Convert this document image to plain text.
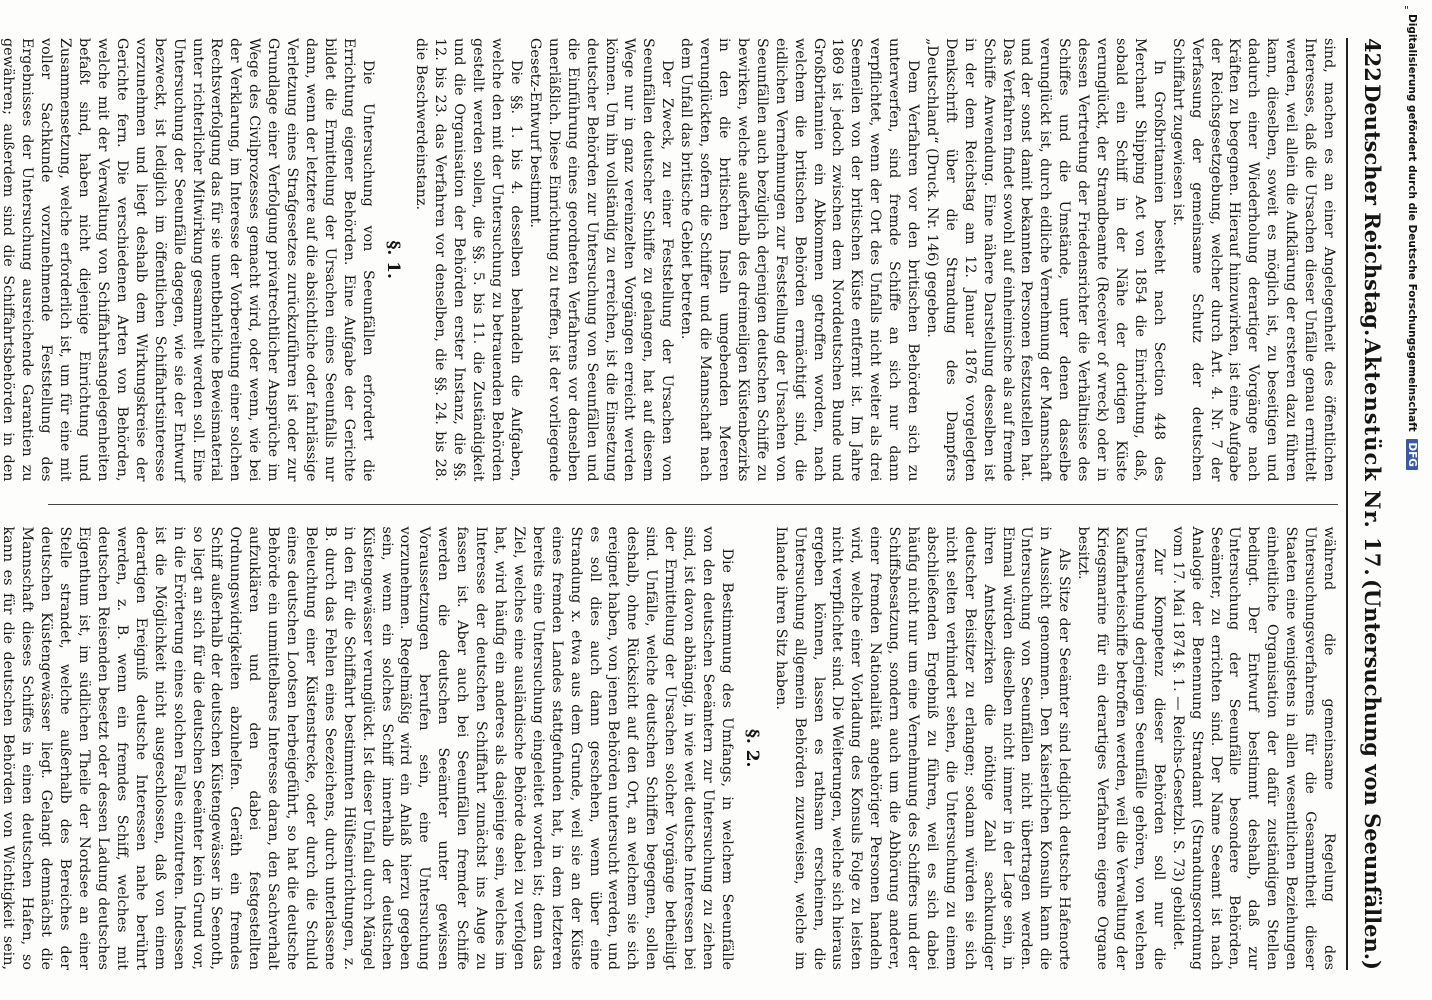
422
Deutscher Reichstag.
Aktenstück Nr. 17.
(Untersuchung von Seeunfällen.)

sind, machen es an einer Angelegenheit des öffentlichen Interesses, daß die Ursachen dieser Unfälle genau ermittelt werden, weil allein die Aufklärung der ersteren dazu führen kann, dieselben, soweit es möglich ist, zu beseitigen und dadurch einer Wiederholung derartiger Vorgänge nach Kräften zu begegnen. Hierauf hinzuwirken, ist eine Aufgabe der Reichsgesetzgebung, welcher durch Art. 4. Nr. 7 der Verfassung der gemeinsame Schutz der deutschen Schiffahrt zugewiesen ist.

In Großbritannien besteht nach Section 448 des Merchant Shipping Act von 1854 die Einrichtung, daß, sobald ein Schiff in der Nähe der dortigen Küste verunglückt, der Strandbeamte (Receiver of wreck) oder in dessen Vertretung der Friedensrichter die Verhältnisse des Schiffes und die Umstände, unter denen dasselbe verunglückt ist, durch eidliche Vernehmung der Mannschaft und der sonst damit bekannten Personen festzustellen hat. Das Verfahren findet sowohl auf einheimische als auf fremde Schiffe Anwendung. Eine nähere Darstellung desselben ist in der dem Reichstag am 12. Januar 1876 vorgelegten Denkschrift über die Strandung des Dampfers „Deutschland“ (Druck. Nr. 146) gegeben.

Dem Verfahren vor den britischen Behörden sich zu unterwerfen, sind fremde Schiffe an sich nur dann verpflichtet, wenn der Ort des Unfalls nicht weiter als drei Seemeilen von der britischen Küste entfernt ist. Im Jahre 1869 ist jedoch zwischen dem Norddeutschen Bunde und Großbritannien ein Abkommen getroffen worden, nach welchem die britischen Behörden ermächtigt sind, die eidlichen Vernehmungen zur Feststellung der Ursachen von Seeunfällen auch bezüglich derjenigen deutschen Schiffe zu bewirken, welche außerhalb des dreimeiligen Küstenbezirks in den die britischen Inseln umgebenden Meeren verunglückten, sofern die Schiffer und die Mannschaft nach dem Unfall das britische Gebiet betreten.

Der Zweck, zu einer Feststellung der Ursachen von Seeunfällen deutscher Schiffe zu gelangen, hat auf diesem Wege nur in ganz vereinzelten Vorgängen erreicht werden können. Um ihn vollständig zu erreichen, ist die Einsetzung deutscher Behörden zur Untersuchung von Seeunfällen und die Einführung eines geordneten Verfahrens vor denselben unerläßlich. Diese Einrichtung zu treffen, ist der vorliegende Gesetz-Entwurf bestimmt.

Die §§. 1. bis 4. desselben behandeln die Aufgaben, welche den mit der Untersuchung zu betrauenden Behörden gestellt werden sollen, die §§. 5. bis 11. die Zuständigkeit und die Organisation der Behörden erster Instanz, die §§. 12. bis 23. das Verfahren vor denselben, die §§. 24. bis 28. die Beschwerdeinstanz.

§. 1.

Die Untersuchung von Seeunfällen erfordert die Errichtung eigener Behörden. Eine Aufgabe der Gerichte bildet die Ermittelung der Ursachen eines Seeunfalls nur dann, wenn der letztere auf die absichtliche oder fahrlässige Verletzung eines Strafgesetzes zurückzuführen ist oder zur Grundlage einer Verfolgung privatrechtlicher Ansprüche im Wege des Civilprozesses gemacht wird, oder wenn, wie bei der Verklarung, im Interesse der Vorbereitung einer solchen Rechtsverfolgung das für sie unentbehrliche Beweismaterial unter richterlicher Mitwirkung gesammelt werden soll. Eine Untersuchung der Seeunfälle dagegen, wie sie der Entwurf bezweckt, ist lediglich im öffentlichen Schiffahrtsinteresse vorzunehmen und liegt deshalb dem Wirkungskreise der Gerichte fern. Die verschiedenen Arten von Behörden, welche mit der Verwaltung von Schiffahrtsangelegenheiten befaßt sind, haben nicht diejenige Einrichtung und Zusammensetzung, welche erforderlich ist, um für eine mit voller Sachkunde vorzunehmende Feststellung des Ergebnisses der Untersuchung ausreichende Garantien zu gewähren; außerdem sind die Schiffahrtsbehörden in den

während die gemeinsame Regelung des Untersuchungsverfahrens für die Gesammtheit dieser Staaten eine wenigstens in allen wesentlichen Beziehungen einheitliche Organisation der dafür zuständigen Stellen bedingt. Der Entwurf bestimmt deshalb, daß zur Untersuchung der Seeunfälle besondere Behörden, Seeämter, zu errichten sind. Der Name Seeamt ist nach Analogie der Benennung Strandamt (Strandungsordnung vom 17. Mai 1874 §. 1. — Reichs-Gesetzbl. S. 73) gebildet.

Zur Kompetenz dieser Behörden soll nur die Untersuchung derjenigen Seeunfälle gehören, von welchen Kauffahrteischiffe betroffen werden, weil die Verwaltung der Kriegsmarine für ein derartiges Verfahren eigene Organe besitzt.

Als Sitze der Seeämter sind lediglich deutsche Hafenorte in Aussicht genommen. Den Kaiserlichen Konsuln kann die Untersuchung von Seeunfällen nicht übertragen werden. Einmal würden dieselben nicht immer in der Lage sein, in ihren Amtsbezirken die nöthige Zahl sachkundiger deutscher Beisitzer zu erlangen; sodann würden sie sich nicht selten verhindert sehen, die Untersuchung zu einem abschließenden Ergebniß zu führen, weil es sich dabei häufig nicht nur um eine Vernehmung des Schiffers und der Schiffsbesatzung, sondern auch um die Abhörung anderer, einer fremden Nationalität angehöriger Personen handeln wird, welche einer Vorladung des Konsuls Folge zu leisten nicht verpflichtet sind. Die Weiterungen, welche sich hieraus ergeben können, lassen es rathsam erscheinen, die Untersuchung allgemein Behörden zuzuweisen, welche im Inlande ihren Sitz haben.

§. 2.

Die Bestimmung des Umfangs, in welchem Seeunfälle von den deutschen Seeämtern zur Untersuchung zu ziehen sind, ist davon abhängig, in wie weit deutsche Interessen bei der Ermittelung der Ursachen solcher Vorgänge betheiligt sind. Unfälle, welche deutschen Schiffen begegnen, sollen deshalb, ohne Rücksicht auf den Ort, an welchem sie sich ereignet haben, von jenen Behörden untersucht werden, und es soll dies auch dann geschehen, wenn über eine Strandung x. etwa aus dem Grunde, weil sie an der Küste eines fremden Landes stattgefunden hat, in dem letzteren bereits eine Untersuchung eingeleitet worden ist; denn das Ziel, welches eine ausländische Behörde dabei zu verfolgen hat, wird häufig ein anderes als dasjenige sein, welches im Interesse der deutschen Schiffahrt zunächst ins Auge zu fassen ist. Aber auch bei Seeunfällen fremder Schiffe werden die deutschen Seeämter unter gewissen Voraussetzungen berufen sein, eine Untersuchung vorzunehmen. Regelmäßig wird ein Anlaß hierzu gegeben sein, wenn ein solches Schiff innerhalb der deutschen Küstengewässer verunglückt. Ist dieser Unfall durch Mängel in den für die Schiffahrt bestimmten Hülfseinrichtungen, z. B. durch das Fehlen eines Seezeichens, durch unterlassene Beleuchtung einer Küstenstrecke, oder durch die Schuld eines deutschen Lootsen herbeigeführt, so hat die deutsche Behörde ein unmittelbares Interesse daran, den Sachverhalt aufzuklären und den dabei festgestellten Ordnungswidrigkeiten abzuhelfen. Geräth ein fremdes Schiff außerhalb der deutschen Küstengewässer in Seenoth, so liegt an sich für die deutschen Seeämter kein Grund vor, in die Erörterung eines solchen Falles einzutreten. Indessen ist die Möglichkeit nicht ausgeschlossen, daß von einem derartigen Ereigniß deutsche Interessen nahe berührt werden, z. B. wenn ein fremdes Schiff, welches mit deutschen Reisenden besetzt oder dessen Ladung deutsches Eigenthum ist, im südlichen Theile der Nordsee an einer Stelle strandet, welche außerhalb des Bereiches der deutschen Küstengewässer liegt. Gelangt demnächst die Mannschaft dieses Schiffes in einen deutschen Hafen, so kann es für die deutschen Behörden von Wichtigkeit sein,

"
Digitalisierung gefördert durch die Deutsche Forschungsgemeinschaft DFG
